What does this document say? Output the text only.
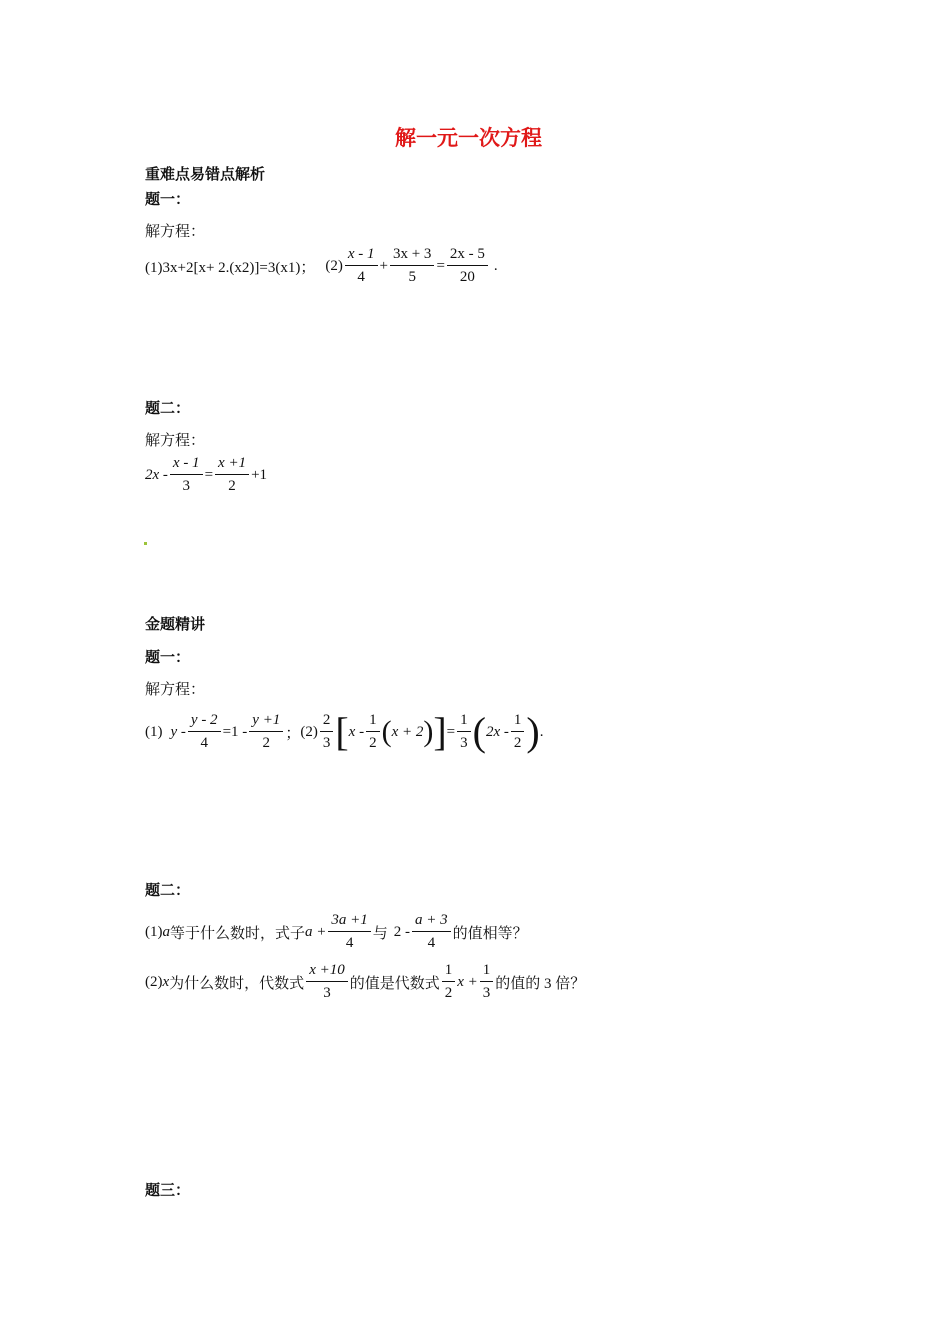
解一元一次方程
重难点易错点解析
题一：
解方程：
(1)3x+2[x+ 2.(x2)]=3(x1)； $(2) \frac{x - 1}{4} + \frac{3x + 3}{5} = \frac{2x - 5}{20}$ .
题二：
解方程：
$2x - \frac{x - 1}{3} = \frac{x +1}{2} +1$
金题精讲
题一：
解方程：
(1) $y - \frac{y - 2}{4} =1 - \frac{y +1}{2}$ ； $(2) \frac{2}{3}$ [ x - $\frac{1}{2}$ ( x + 2 ) ] = $\frac{1}{3}$ ( $2x - \frac{1}{2}$ ) .
题二：
(1) a 等于什么数时，式子 $a + \frac{3a +1}{4}$ 与 $2 - \frac{a + 3}{4}$ 的值相等？
(2) x 为什么数时，代数式 $\frac{x +10}{3}$ 的值是代数式 $\frac{1}{2}$ $x + \frac{1}{3}$ 的值的 3 倍？
题三：
